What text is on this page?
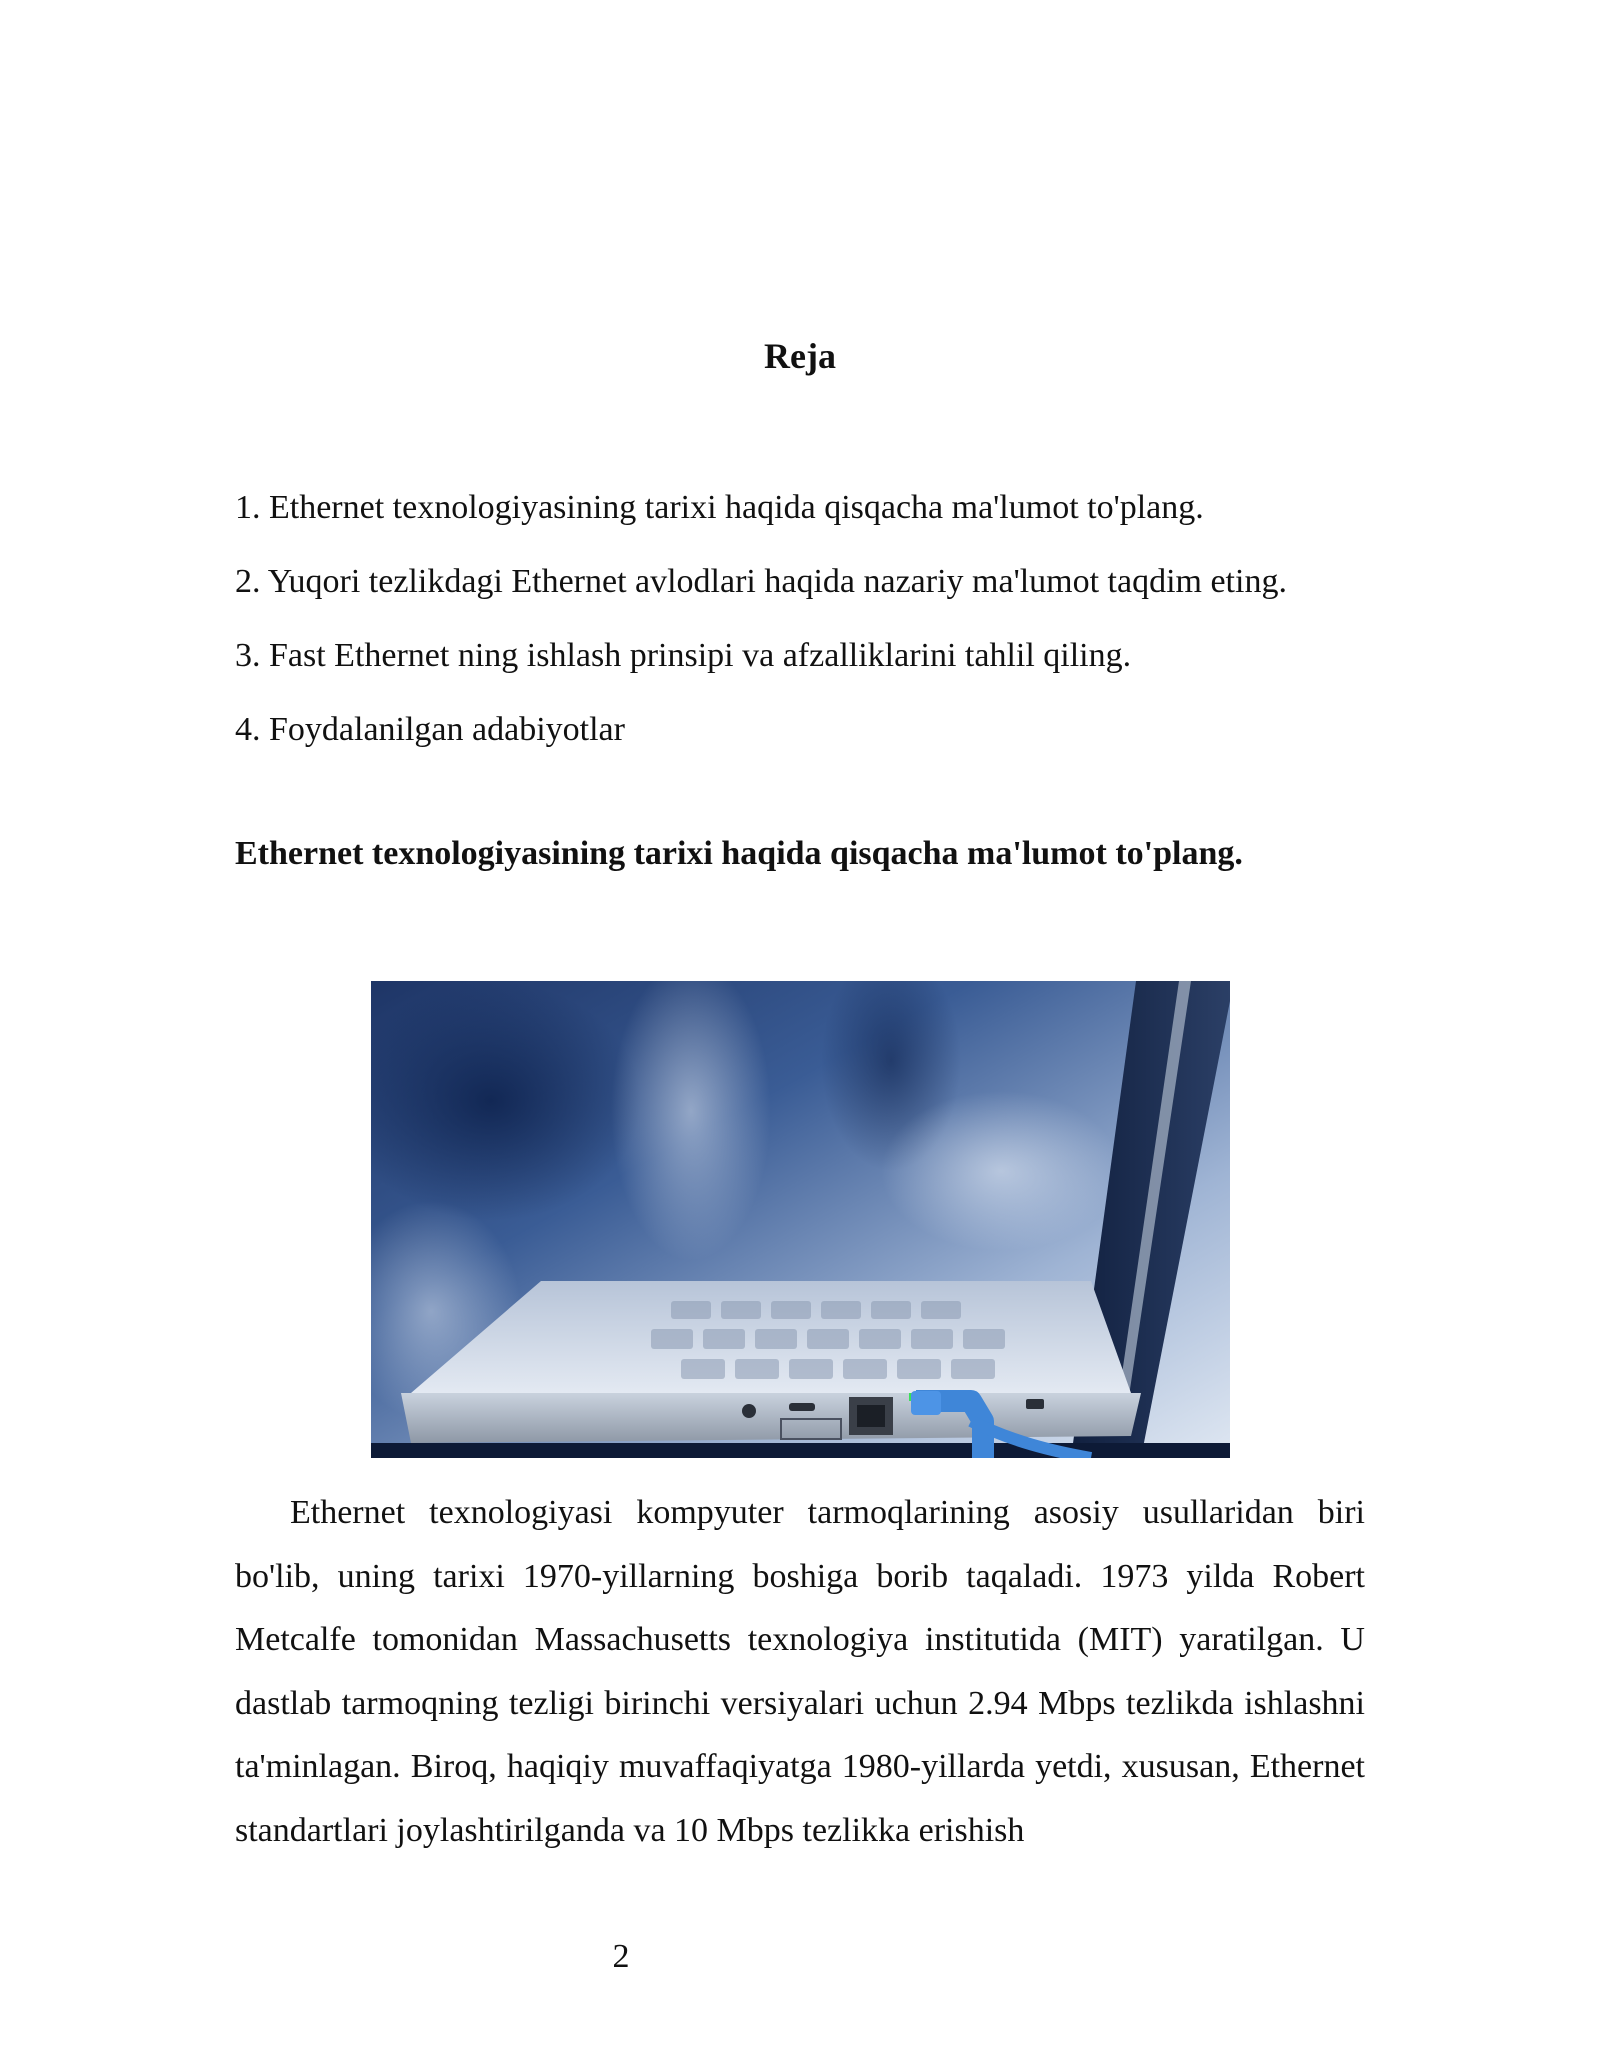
Reja
1. Ethernet texnologiyasining tarixi haqida qisqacha ma'lumot to'plang.
2. Yuqori tezlikdagi Ethernet avlodlari haqida nazariy ma'lumot taqdim eting.
3. Fast Ethernet ning ishlash prinsipi va afzalliklarini tahlil qiling.
4. Foydalanilgan adabiyotlar
Ethernet texnologiyasining tarixi haqida qisqacha ma'lumot to'plang.

Ethernet texnologiyasi kompyuter tarmoqlarining asosiy usullaridan biri bo'lib, uning tarixi 1970-yillarning boshiga borib taqaladi. 1973 yilda Robert Metcalfe tomonidan Massachusetts texnologiya institutida (MIT) yaratilgan. U dastlab tarmoqning tezligi birinchi versiyalari uchun 2.94 Mbps tezlikda ishlashni ta'minlagan. Biroq, haqiqiy muvaffaqiyatga 1980-yillarda yetdi, xususan, Ethernet standartlari joylashtirilganda va 10 Mbps tezlikka erishish

2
